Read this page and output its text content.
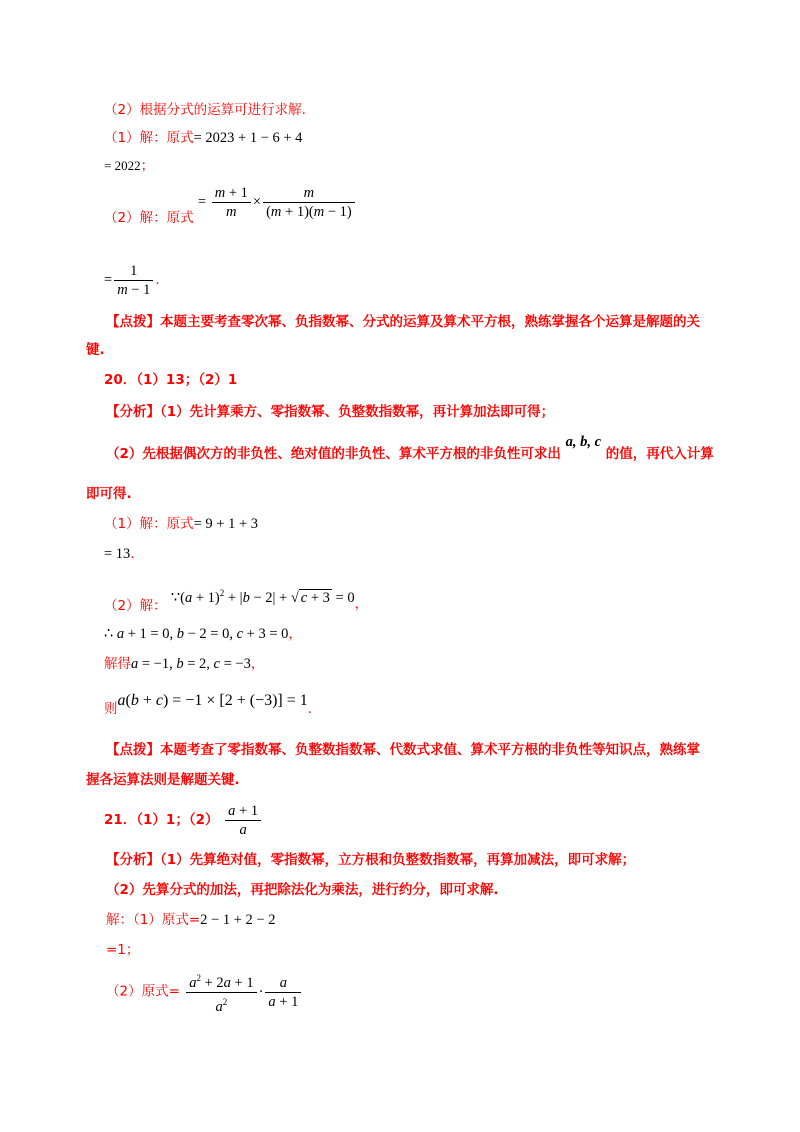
（2）根据分式的运算可进行求解.
（1）解：原式= 2023 + 1 − 6 + 4
= 2022；
（2）解：原式 = $\frac{m + 1}{m} \times \frac{m}{(m + 1)(m - 1)}$
= $\frac{1}{m - 1}$ .
【点拨】本题主要考查零次幂、负指数幂、分式的运算及算术平方根，熟练掌握各个运算是解题的关
键.
20．（1）13；（2）1
【分析】（1）先计算乘方、零指数幂、负整数指数幂，再计算加法即可得；
（2）先根据偶次方的非负性、绝对值的非负性、算术平方根的非负性可求出 a, b, c 的值，再代入计算
即可得.
（1）解：原式= 9 + 1 + 3
= 13.
（2）解： ∵(a + 1)$^2$ + |b − 2| + √ c + 3 = 0，
∴ a + 1 = 0, b − 2 = 0, c + 3 = 0，
解得a = −1, b = 2, c = −3，
则a(b + c) = −1 × [2 + (−3)] = 1.
【点拨】本题考查了零指数幂、负整数指数幂、代数式求值、算术平方根的非负性等知识点，熟练掌
握各运算法则是解题关键.
21．（1）1；$(2) \frac{a + 1}{a}$
【分析】（1）先算绝对值，零指数幂，立方根和负整数指数幂，再算加减法，即可求解；
（2）先算分式的加法，再把除法化为乘法，进行约分，即可求解.
解：（1）原式=2 − 1 + 2 − 2
=1；
（2）原式= $\frac{a^2 + 2a + 1}{a^2} \cdot \frac{a}{a + 1}$
